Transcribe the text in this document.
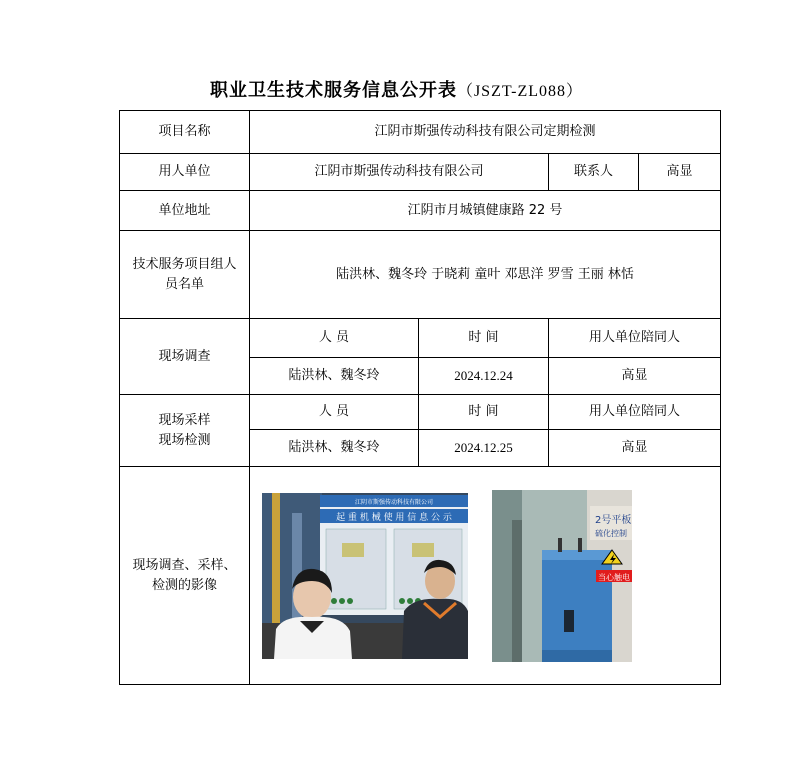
职业卫生技术服务信息公开表（JSZT-ZL088）
项目名称	江阴市斯强传动科技有限公司定期检测			
用人单位	江阴市斯强传动科技有限公司		联系人	高显
单位地址	江阴市月城镇健康路 22 号			

技术服务项目组人员名单	陆洪林、魏冬玲 于晓莉 童叶 邓思洋 罗雪 王丽 林恬			
现场调查	人 员	时 间	用人单位陪同人	
	陆洪林、魏冬玲	2024.12.24	高显	

现场采样
现场检测	人 员	时 间	用人单位陪同人	
	陆洪林、魏冬玲	2024.12.25	高显	

现场调查、采样、检测的影像	江阴市斯强传动科技有限公司
起 重 机 械 使 用 信 息 公 示
2号平板
硫化控制
当心触电			
